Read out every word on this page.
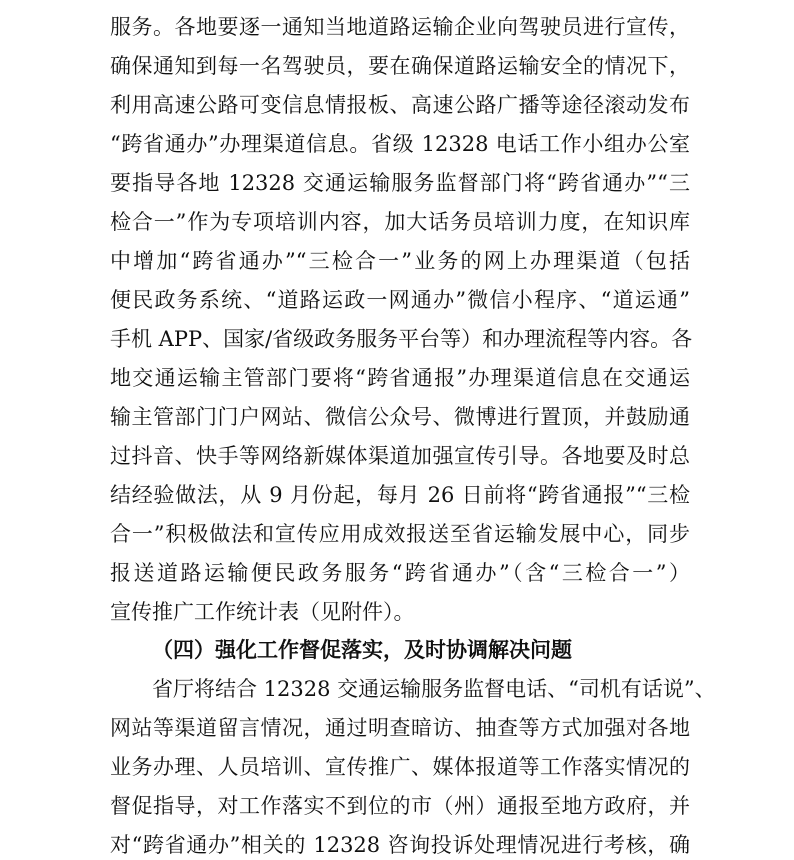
服务。各地要逐一通知当地道路运输企业向驾驶员进行宣传，
确保通知到每一名驾驶员，要在确保道路运输安全的情况下，
利用高速公路可变信息情报板、高速公路广播等途径滚动发布
“跨省通办”办理渠道信息。省级 12328 电话工作小组办公室
要指导各地 12328 交通运输服务监督部门将“跨省通办”“三
检合一”作为专项培训内容，加大话务员培训力度，在知识库
中增加“跨省通办”“三检合一”业务的网上办理渠道（包括
便民政务系统、“道路运政一网通办”微信小程序、“道运通”
手机 APP、国家/省级政务服务平台等）和办理流程等内容。各
地交通运输主管部门要将“跨省通报”办理渠道信息在交通运
输主管部门门户网站、微信公众号、微博进行置顶，并鼓励通
过抖音、快手等网络新媒体渠道加强宣传引导。各地要及时总
结经验做法，从 9 月份起，每月 26 日前将“跨省通报”“三检
合一”积极做法和宣传应用成效报送至省运输发展中心，同步
报送道路运输便民政务服务“跨省通办”（含“三检合一”）
宣传推广工作统计表（见附件）。
（四）强化工作督促落实，及时协调解决问题
省厅将结合 12328 交通运输服务监督电话、“司机有话说”、
网站等渠道留言情况，通过明查暗访、抽查等方式加强对各地
业务办理、人员培训、宣传推广、媒体报道等工作落实情况的
督促指导，对工作落实不到位的市（州）通报至地方政府，并
对“跨省通办”相关的 12328 咨询投诉处理情况进行考核，确
